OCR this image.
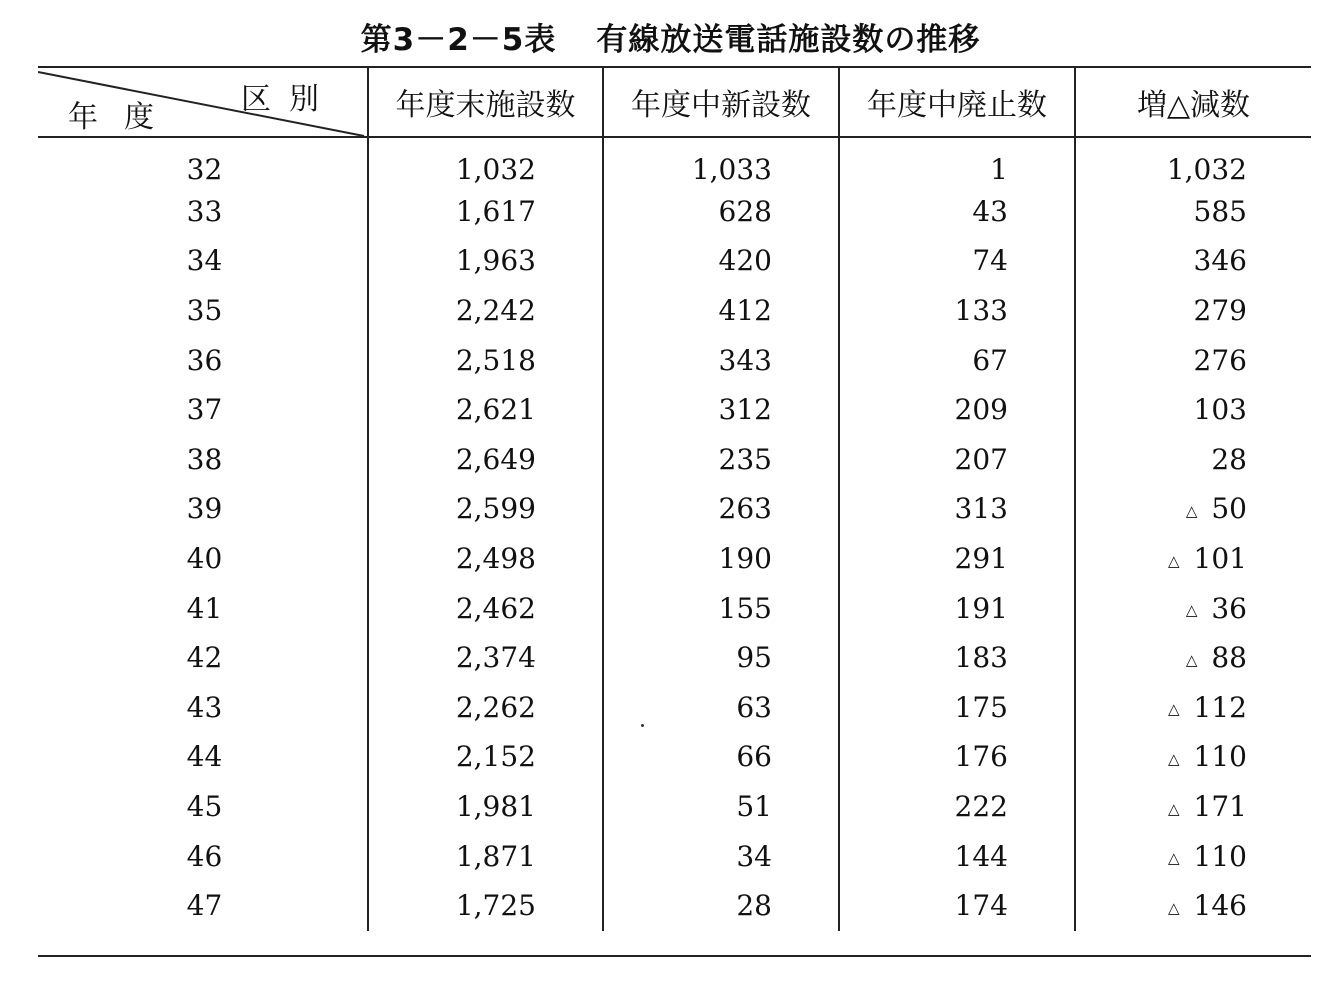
第3－2－5表 有線放送電話施設数の推移
区別
年度	年度末施設数	年度中新設数	年度中廃止数	増△減数
32	1,032	1,033	1	1,032
33	1,617	628	43	585
34	1,963	420	74	346
35	2,242	412	133	279
36	2,518	343	67	276
37	2,621	312	209	103
38	2,649	235	207	28
39	2,599	263	313	△ 50
40	2,498	190	291	△ 101
41	2,462	155	191	△ 36
42	2,374	95	183	△ 88
43	2,262	63	175	△ 112
44	2,152	66	176	△ 110
45	1,981	51	222	△ 171
46	1,871	34	144	△ 110
47	1,725	28	174	△ 146
